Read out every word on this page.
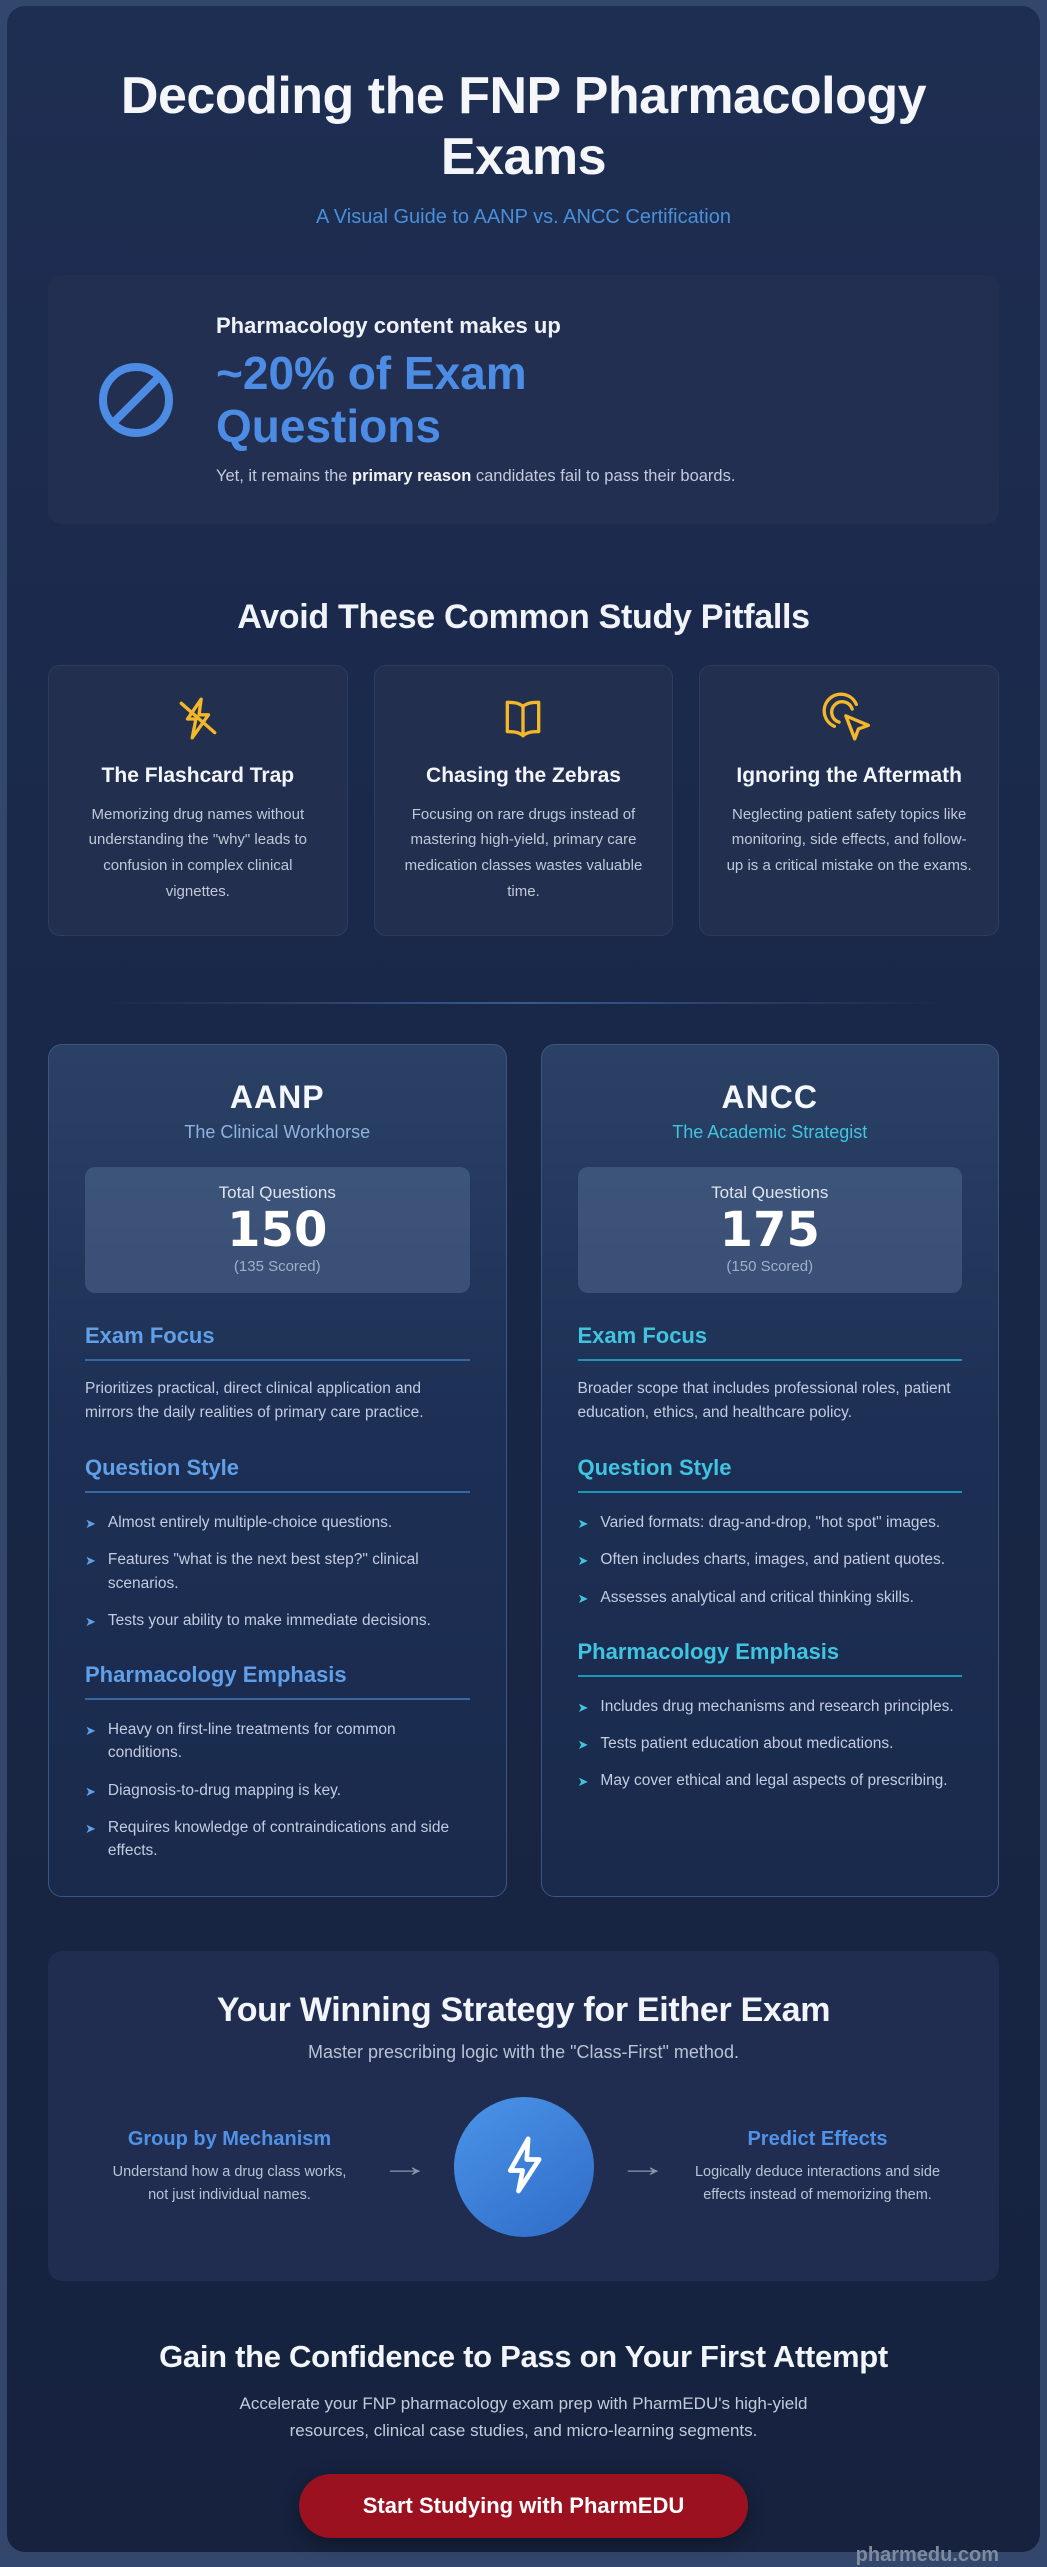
Decoding the FNP Pharmacology Exams
A Visual Guide to AANP vs. ANCC Certification
Pharmacology content makes up
~20% of Exam Questions
Yet, it remains the primary reason candidates fail to pass their boards.
Avoid These Common Study Pitfalls
The Flashcard Trap
Memorizing drug names without understanding the "why" leads to confusion in complex clinical vignettes.
Chasing the Zebras
Focusing on rare drugs instead of mastering high-yield, primary care medication classes wastes valuable time.
Ignoring the Aftermath
Neglecting patient safety topics like monitoring, side effects, and follow-up is a critical mistake on the exams.
AANP
The Clinical Workhorse
Total Questions
150
(135 Scored)
Exam Focus
Prioritizes practical, direct clinical application and mirrors the daily realities of primary care practice.
Question Style
➤ Almost entirely multiple-choice questions.
➤ Features "what is the next best step?" clinical scenarios.
➤ Tests your ability to make immediate decisions.
Pharmacology Emphasis
➤ Heavy on first-line treatments for common conditions.
➤ Diagnosis-to-drug mapping is key.
➤ Requires knowledge of contraindications and side effects.
ANCC
The Academic Strategist
Total Questions
175
(150 Scored)
Exam Focus
Broader scope that includes professional roles, patient education, ethics, and healthcare policy.
Question Style
➤ Varied formats: drag-and-drop, "hot spot" images.
➤ Often includes charts, images, and patient quotes.
➤ Assesses analytical and critical thinking skills.
Pharmacology Emphasis
➤ Includes drug mechanisms and research principles.
➤ Tests patient education about medications.
➤ May cover ethical and legal aspects of prescribing.
Your Winning Strategy for Either Exam
Master prescribing logic with the "Class-First" method.
Group by Mechanism
Understand how a drug class works, not just individual names.
→	→
Predict Effects
Logically deduce interactions and side effects instead of memorizing them.
Gain the Confidence to Pass on Your First Attempt
Accelerate your FNP pharmacology exam prep with PharmEDU's high-yield resources, clinical case studies, and micro-learning segments.
Start Studying with PharmEDU
pharmedu.com
